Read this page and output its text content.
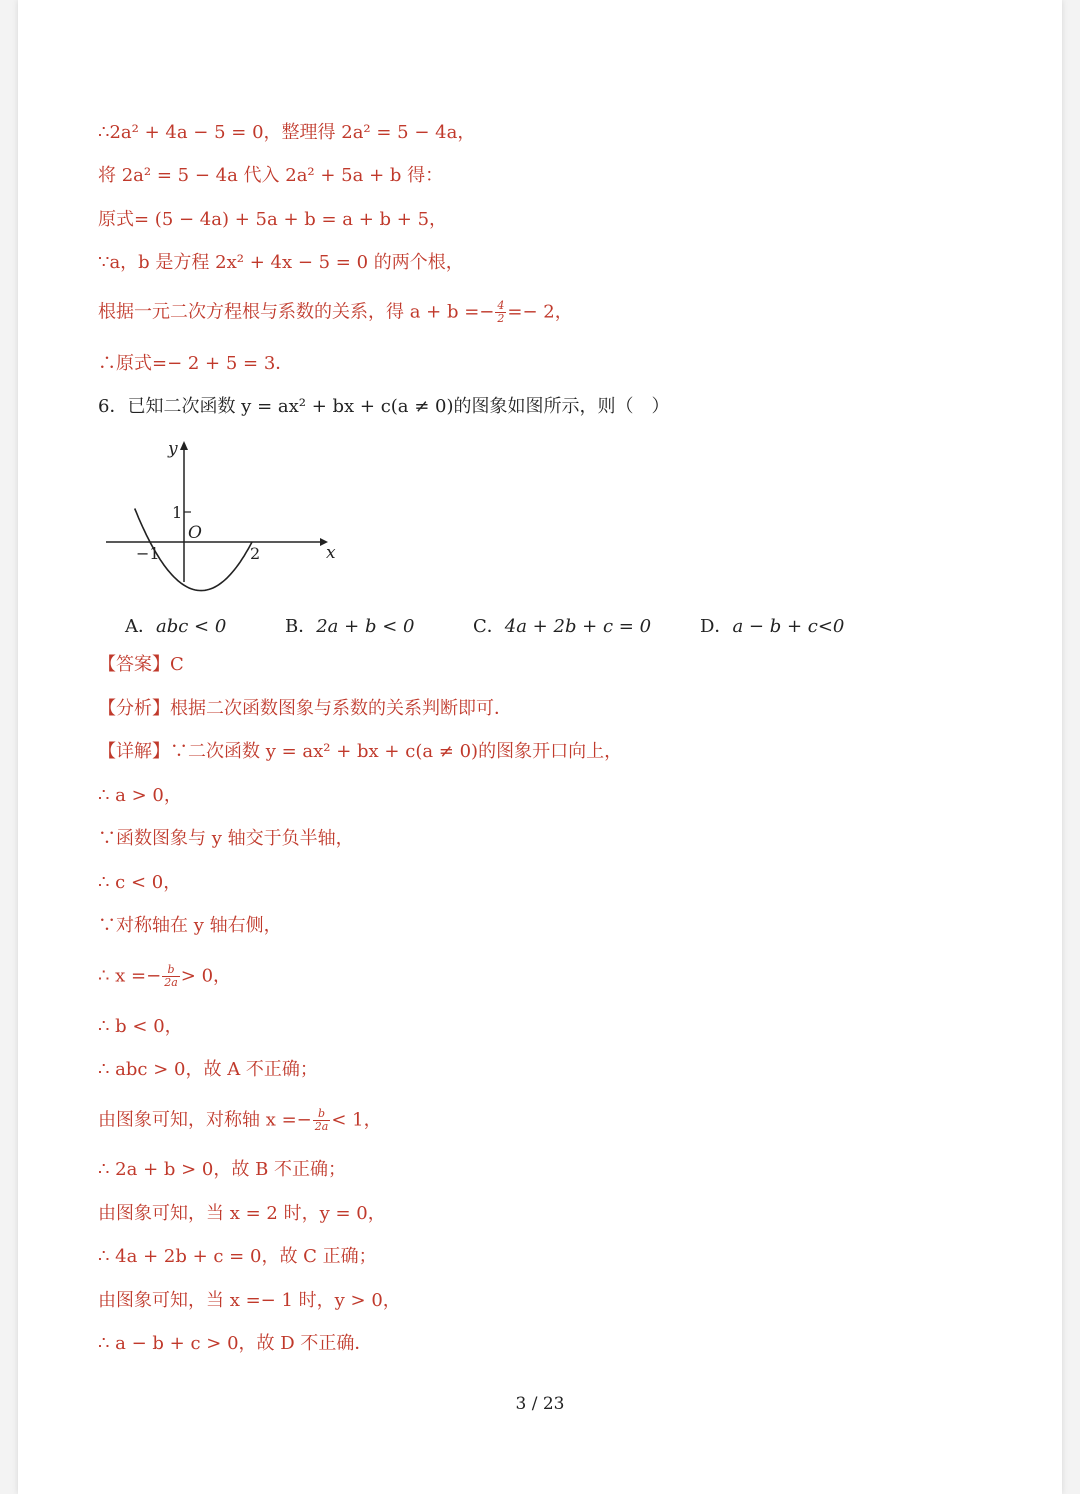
∴2a² + 4a − 5 = 0，整理得 2a² = 5 − 4a，
将 2a² = 5 − 4a 代入 2a² + 5a + b 得：
原式= (5 − 4a) + 5a + b = a + b + 5，
∵a，b 是方程 2x² + 4x − 5 = 0 的两个根，
根据一元二次方程根与系数的关系，得 $a + b =- \frac{4}{2} =- 2$，
∴原式=− 2 + 5 = 3．
6．已知二次函数 y = ax² + bx + c(a ≠ 0)的图象如图所示，则（　）
y
x
O
1
−1	2
A．abc < 0	B．2a + b < 0	C．4a + 2b + c = 0	D．a − b + c<0
【答案】C
【分析】根据二次函数图象与系数的关系判断即可．
【详解】∵二次函数 y = ax² + bx + c(a ≠ 0)的图象开口向上，
∴ a > 0，
∵函数图象与 y 轴交于负半轴，
∴ c < 0，
∵对称轴在 y 轴右侧，
∴ $x =- \frac{b}{2a} > 0$，
∴ b < 0，
∴ abc > 0，故 A 不正确；
由图象可知，对称轴 $x =- \frac{b}{2a} < 1$，
∴ 2a + b > 0，故 B 不正确；
由图象可知，当 x = 2 时，y = 0，
∴ 4a + 2b + c = 0，故 C 正确；
由图象可知，当 x =− 1 时，y > 0，
∴ a − b + c > 0，故 D 不正确．
3 / 23
